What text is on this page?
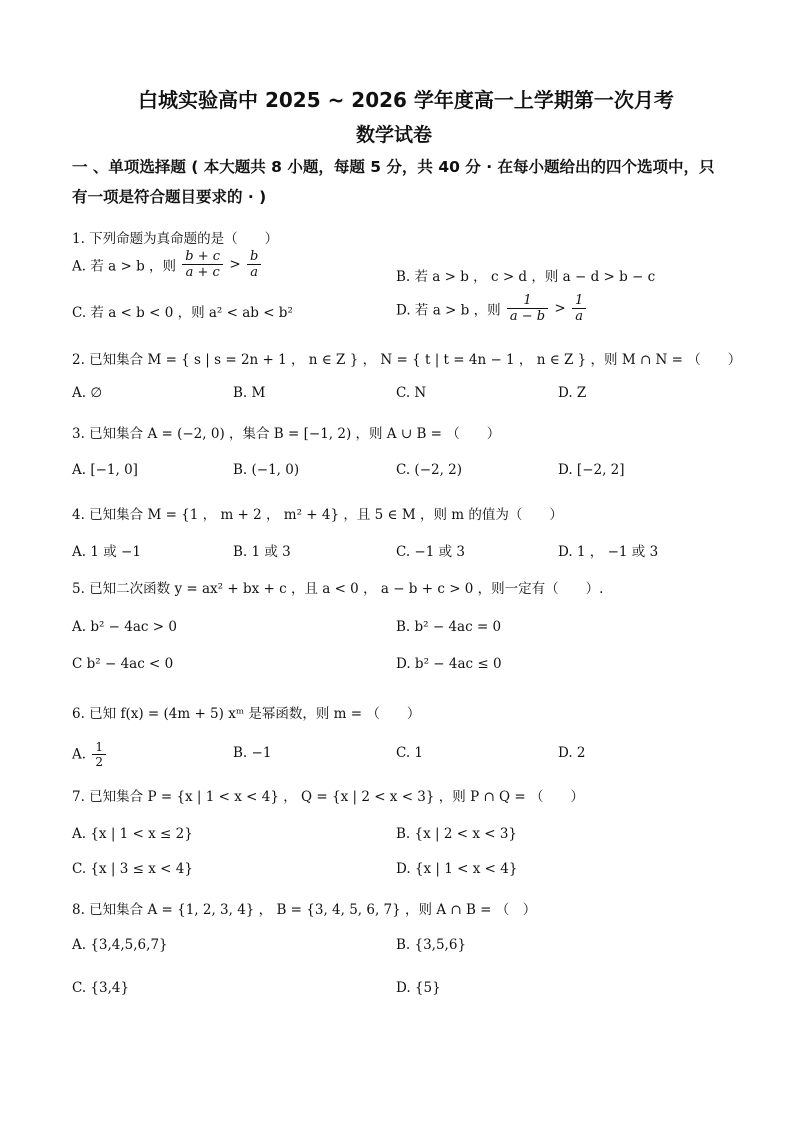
白城实验高中 2025 ~ 2026 学年度高一上学期第一次月考
数学试卷
一 、单项选择题 ( 本大题共 8 小题，每题 5 分，共 40 分 · 在每小题给出的四个选项中，只
有一项是符合题目要求的 · )
1. 下列命题为真命题的是（　　）
A. 若 a > b ，则 $\frac{b + c}{a + c} > \frac{b}{a}$	B. 若 a > b ， c > d ，则 a − d > b − c
C. 若 a < b < 0 ，则 a² < ab < b²	D. 若 a > b ，则 $\frac{1}{a - b} > \frac{1}{a}$
2. 已知集合 M = { s | s = 2n + 1 ， n ∈ Z } ， N = { t | t = 4n − 1 ， n ∈ Z } ，则 M ∩ N = （　　）
A. ∅	B. M	C. N	D. Z
3. 已知集合 A = (−2, 0) ，集合 B = [−1, 2) ，则 A ∪ B = （　　）
A. [−1, 0]	B. (−1, 0)	C. (−2, 2)	D. [−2, 2]
4. 已知集合 M = {1 ， m + 2 ， m² + 4} ，且 5 ∈ M ，则 m 的值为（　　）
A. 1 或 −1	B. 1 或 3	C. −1 或 3	D. 1 ， −1 或 3
5. 已知二次函数 y = ax² + bx + c ，且 a < 0 ， a − b + c > 0 ，则一定有（　　）.
A. b² − 4ac > 0	B. b² − 4ac = 0
C b² − 4ac < 0	D. b² − 4ac ≤ 0
6. 已知 f(x) = (4m + 5) xᵐ 是幂函数，则 m = （　　）
A. $\frac{1}{2}$	B. −1	C. 1	D. 2
7. 已知集合 P = {x | 1 < x < 4} ， Q = {x | 2 < x < 3} ，则 P ∩ Q = （　　）
A. {x | 1 < x ≤ 2}	B. {x | 2 < x < 3}
C. {x | 3 ≤ x < 4}	D. {x | 1 < x < 4}
8. 已知集合 A = {1, 2, 3, 4} ， B = {3, 4, 5, 6, 7} ，则 A ∩ B = （　）
A. {3,4,5,6,7}	B. {3,5,6}
C. {3,4}	D. {5}
